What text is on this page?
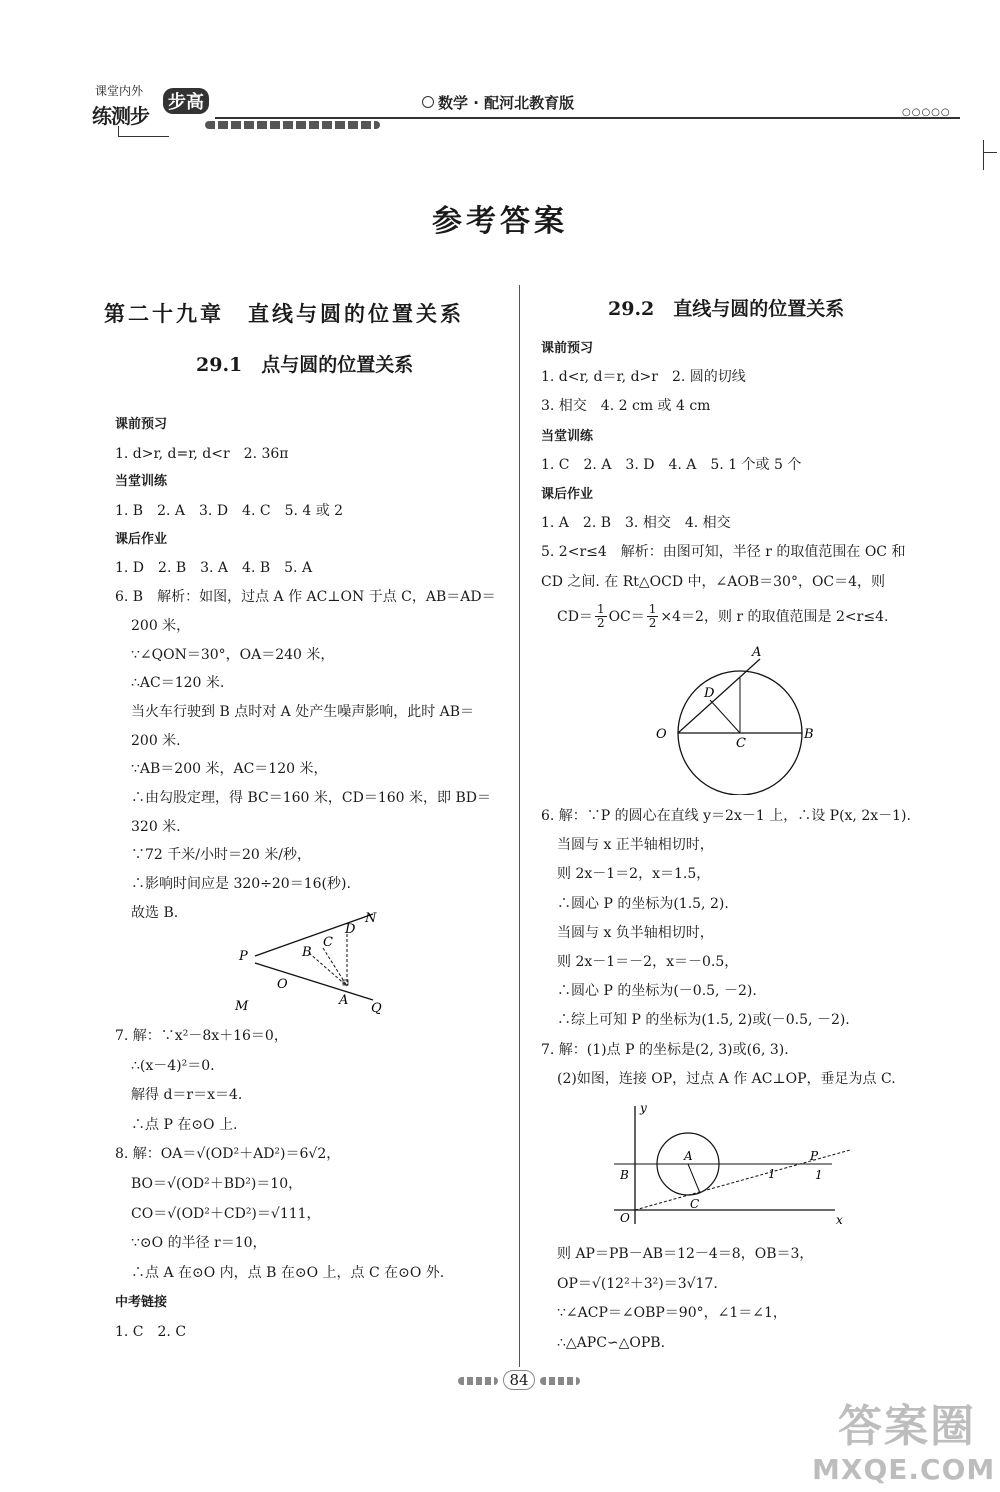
课堂内外
练测步
步高	数学 · 配河北教育版
○○○○○
参考答案
第二十九章　直线与圆的位置关系
29.1　点与圆的位置关系
课前预习
1. d>r, d=r, d<r　2. 36π
当堂训练
1. B　2. A　3. D　4. C　5. 4 或 2
课后作业
1. D　2. B　3. A　4. B　5. A
6. B　解析：如图，过点 A 作 AC⊥ON 于点 C，AB＝AD＝
200 米，
∵∠QON＝30°，OA＝240 米，
∴AC＝120 米.
当火车行驶到 B 点时对 A 处产生噪声影响，此时 AB＝
200 米.
∵AB＝200 米，AC＝120 米，
∴由勾股定理，得 BC＝160 米，CD＝160 米，即 BD＝
320 米.
∵72 千米/小时＝20 米/秒，
∴影响时间应是 320÷20＝16(秒).
故选 B.
P
M
O
B
C
D
N
A
Q
7. 解：∵x²－8x＋16＝0，
∴(x－4)²＝0.
解得 d＝r＝x＝4.
∴点 P 在⊙O 上.
8. 解：OA＝√(OD²＋AD²)＝6√2，
BO＝√(OD²＋BD²)＝10，
CO＝√(OD²＋CD²)＝√111，
∵⊙O 的半径 r＝10，
∴点 A 在⊙O 内，点 B 在⊙O 上，点 C 在⊙O 外.
中考链接
1. C　2. C
29.2　直线与圆的位置关系
课前预习
1. d<r, d＝r, d>r　2. 圆的切线
3. 相交　4. 2 cm 或 4 cm
当堂训练
1. C　2. A　3. D　4. A　5. 1 个或 5 个
课后作业
1. A　2. B　3. 相交　4. 相交
5. 2<r≤4　解析：由图可知，半径 r 的取值范围在 OC 和
CD 之间. 在 Rt△OCD 中，∠AOB＝30°，OC＝4，则
$CD= \frac{1}{2} OC= \frac{1}{2} \times 4=2$，则 r 的取值范围是 2<r≤4.
A
D
O
C
B
6. 解：∵P 的圆心在直线 y＝2x－1 上，∴设 P(x, 2x－1).
当圆与 x 正半轴相切时，
则 2x－1＝2，x＝1.5，
∴圆心 P 的坐标为(1.5, 2).
当圆与 x 负半轴相切时，
则 2x－1＝－2，x＝－0.5，
∴圆心 P 的坐标为(－0.5, －2).
∴综上可知 P 的坐标为(1.5, 2)或(－0.5, －2).
7. 解：(1)点 P 的坐标是(2, 3)或(6, 3).
(2)如图，连接 OP，过点 A 作 AC⊥OP，垂足为点 C.
y
x
O
B
A
C
P
1	1
则 AP＝PB－AB＝12－4＝8，OB＝3，
OP＝√(12²＋3²)＝3√17.
∵∠ACP＝∠OBP＝90°，∠1＝∠1，
∴△APC∽△OPB.
84
答案圈
MXQE.COM
